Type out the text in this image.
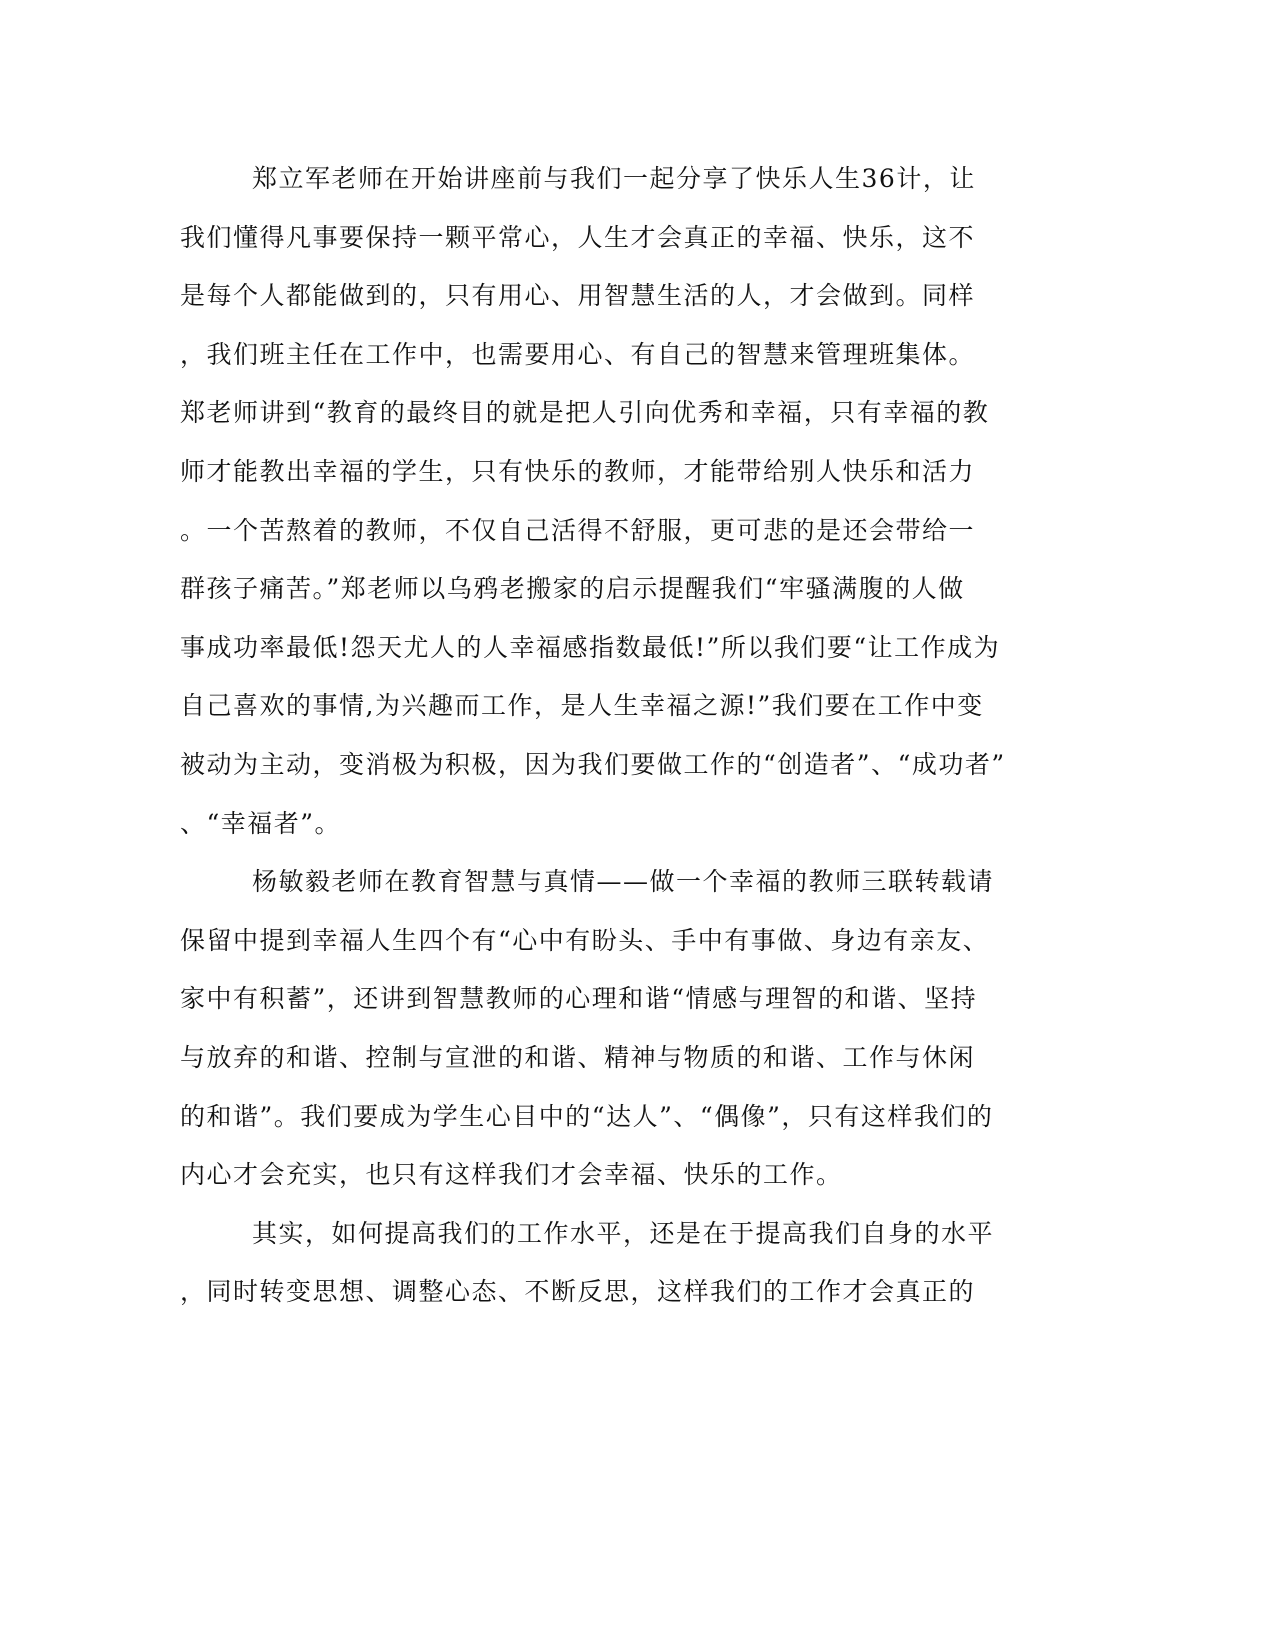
郑立军老师在开始讲座前与我们一起分享了快乐人生36计，让
我们懂得凡事要保持一颗平常心，人生才会真正的幸福、快乐，这不
是每个人都能做到的，只有用心、用智慧生活的人，才会做到。同样
，我们班主任在工作中，也需要用心、有自己的智慧来管理班集体。
郑老师讲到“教育的最终目的就是把人引向优秀和幸福，只有幸福的教
师才能教出幸福的学生，只有快乐的教师，才能带给别人快乐和活力
。一个苦熬着的教师，不仅自己活得不舒服，更可悲的是还会带给一
群孩子痛苦。”郑老师以乌鸦老搬家的启示提醒我们“牢骚满腹的人做
事成功率最低!怨天尤人的人幸福感指数最低!”所以我们要“让工作成为
自己喜欢的事情,为兴趣而工作，是人生幸福之源!”我们要在工作中变
被动为主动，变消极为积极，因为我们要做工作的“创造者”、“成功者”
、“幸福者”。
杨敏毅老师在教育智慧与真情——做一个幸福的教师三联转载请
保留中提到幸福人生四个有“心中有盼头、手中有事做、身边有亲友、
家中有积蓄”，还讲到智慧教师的心理和谐“情感与理智的和谐、坚持
与放弃的和谐、控制与宣泄的和谐、精神与物质的和谐、工作与休闲
的和谐”。我们要成为学生心目中的“达人”、“偶像”，只有这样我们的
内心才会充实，也只有这样我们才会幸福、快乐的工作。
其实，如何提高我们的工作水平，还是在于提高我们自身的水平
，同时转变思想、调整心态、不断反思，这样我们的工作才会真正的
